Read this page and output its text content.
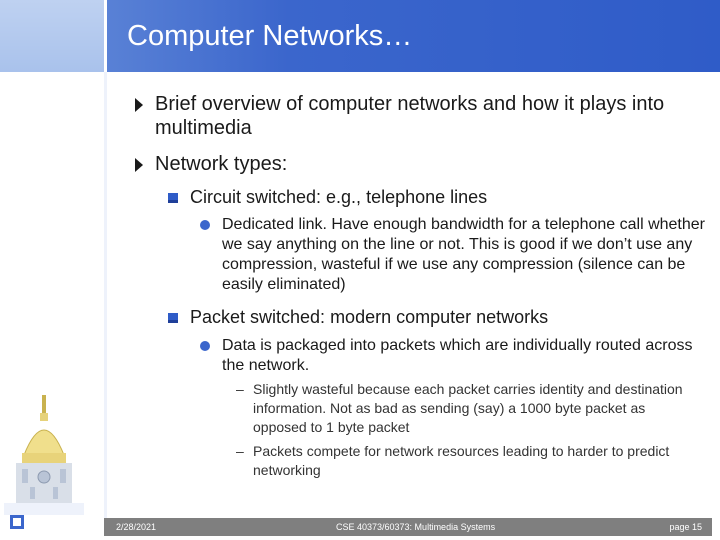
Computer Networks…
Brief overview of computer networks and how it plays into multimedia
Network types:
Circuit switched: e.g., telephone lines
Dedicated link. Have enough bandwidth for a telephone call whether we say anything on the line or not. This is good if we don’t use any compression, wasteful if we use any compression (silence can be easily eliminated)
Packet switched: modern computer networks
Data is packaged into packets which are individually routed across the network.
– Slightly wasteful because each packet carries identity and destination information. Not as bad as sending (say) a 1000 byte packet as opposed to 1 byte packet
– Packets compete for network resources leading to harder to predict networking
2/28/2021	CSE 40373/60373: Multimedia Systems	page 15
